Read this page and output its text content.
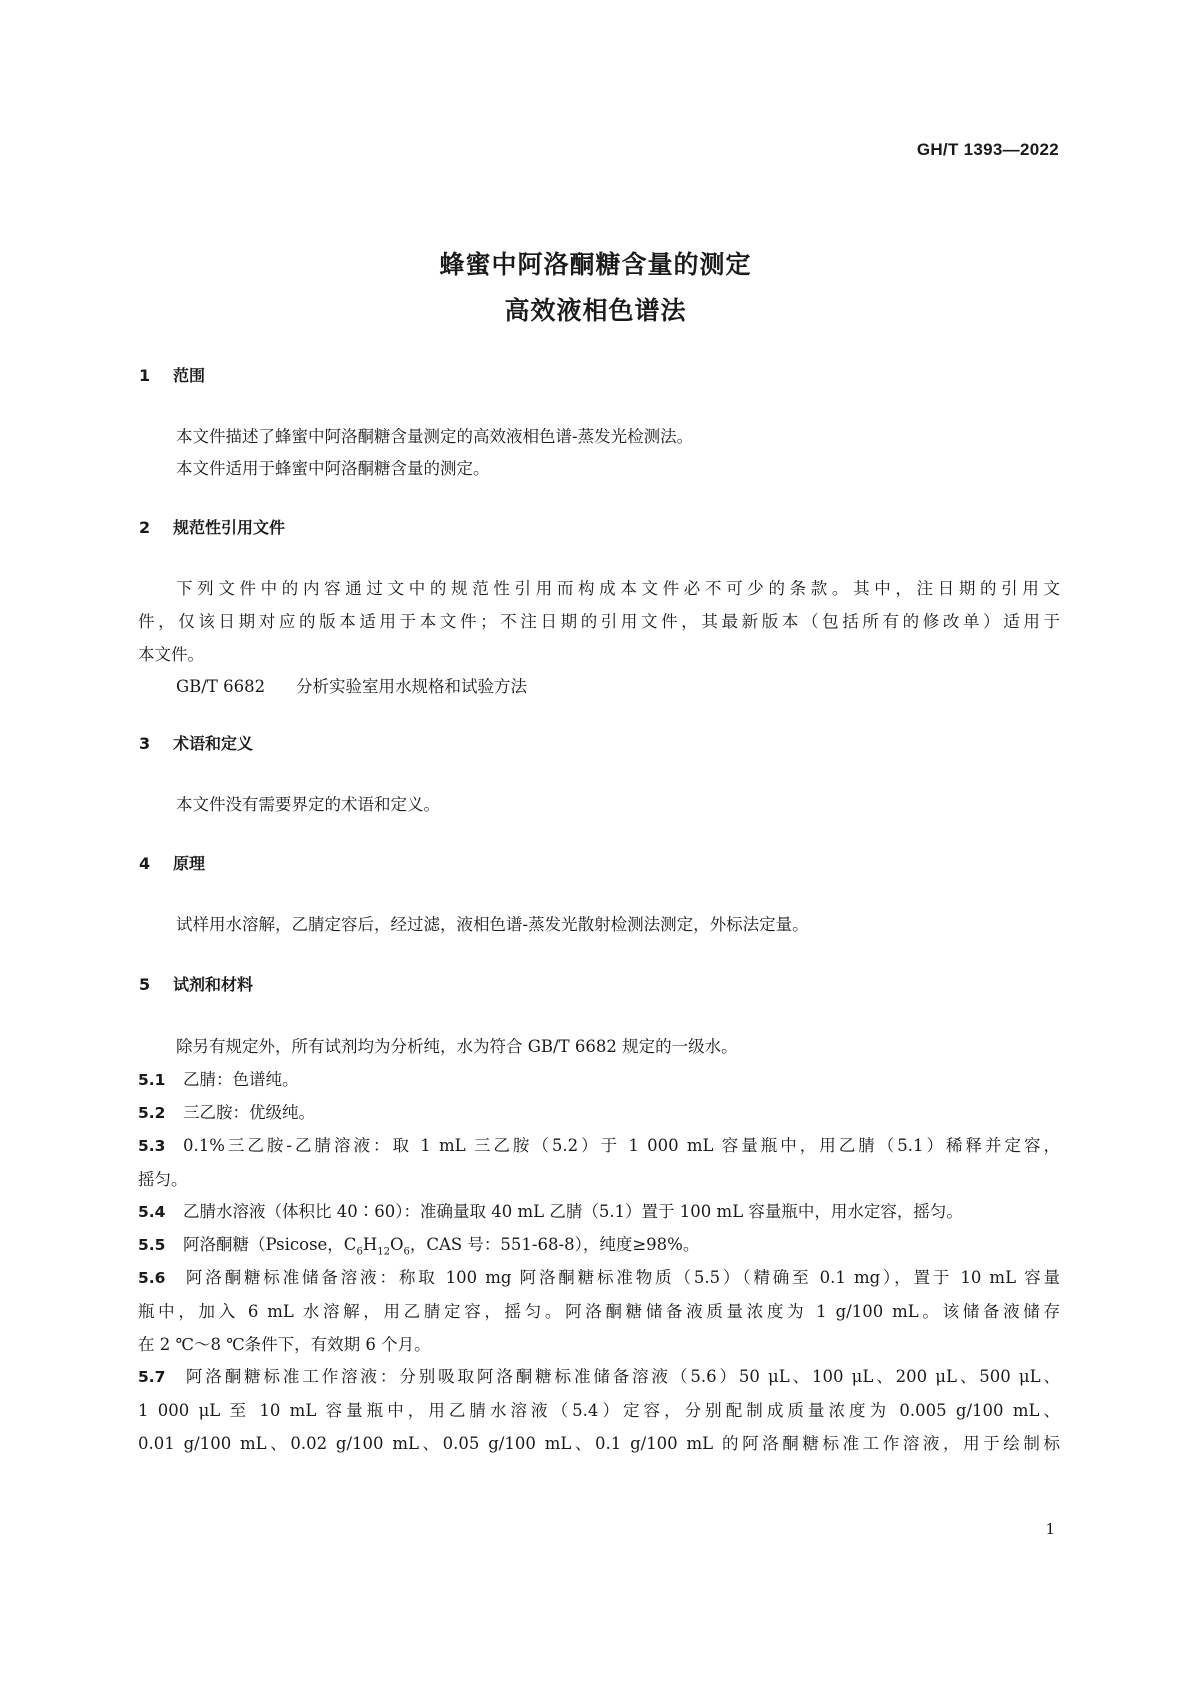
GH/T 1393—2022
蜂蜜中阿洛酮糖含量的测定
高效液相色谱法
1 范围
本文件描述了蜂蜜中阿洛酮糖含量测定的高效液相色谱-蒸发光检测法。
本文件适用于蜂蜜中阿洛酮糖含量的测定。
2 规范性引用文件
下列文件中的内容通过文中的规范性引用而构成本文件必不可少的条款。其中，注日期的引用文
件，仅该日期对应的版本适用于本文件；不注日期的引用文件，其最新版本（包括所有的修改单）适用于
本文件。
GB/T 6682 分析实验室用水规格和试验方法
3 术语和定义
本文件没有需要界定的术语和定义。
4 原理
试样用水溶解，乙腈定容后，经过滤，液相色谱-蒸发光散射检测法测定，外标法定量。
5 试剂和材料
除另有规定外，所有试剂均为分析纯，水为符合 GB/T 6682 规定的一级水。
5.1 乙腈：色谱纯。
5.2 三乙胺：优级纯。
5.3 0.1%三乙胺-乙腈溶液：取 1 mL 三乙胺（5.2）于 1 000 mL 容量瓶中，用乙腈（5.1）稀释并定容，
摇匀。
5.4 乙腈水溶液（体积比 40∶60）：准确量取 40 mL 乙腈（5.1）置于 100 mL 容量瓶中，用水定容，摇匀。
5.5 阿洛酮糖（Psicose，$C_6H_{12}O_6$，CAS 号：551-68-8），纯度≥98%。
5.6 阿洛酮糖标准储备溶液：称取 100 mg 阿洛酮糖标准物质（5.5）（精确至 0.1 mg），置于 10 mL 容量
瓶中，加入 6 mL 水溶解，用乙腈定容，摇匀。阿洛酮糖储备液质量浓度为 1 g/100 mL。该储备液储存
在 2 ℃～8 ℃条件下，有效期 6 个月。
5.7 阿洛酮糖标准工作溶液：分别吸取阿洛酮糖标准储备溶液（5.6）50 μL、100 μL、200 μL、500 μL、
1 000 μL 至 10 mL 容量瓶中，用乙腈水溶液（5.4）定容，分别配制成质量浓度为 0.005 g/100 mL、
0.01 g/100 mL、0.02 g/100 mL、0.05 g/100 mL、0.1 g/100 mL 的阿洛酮糖标准工作溶液，用于绘制标
1
